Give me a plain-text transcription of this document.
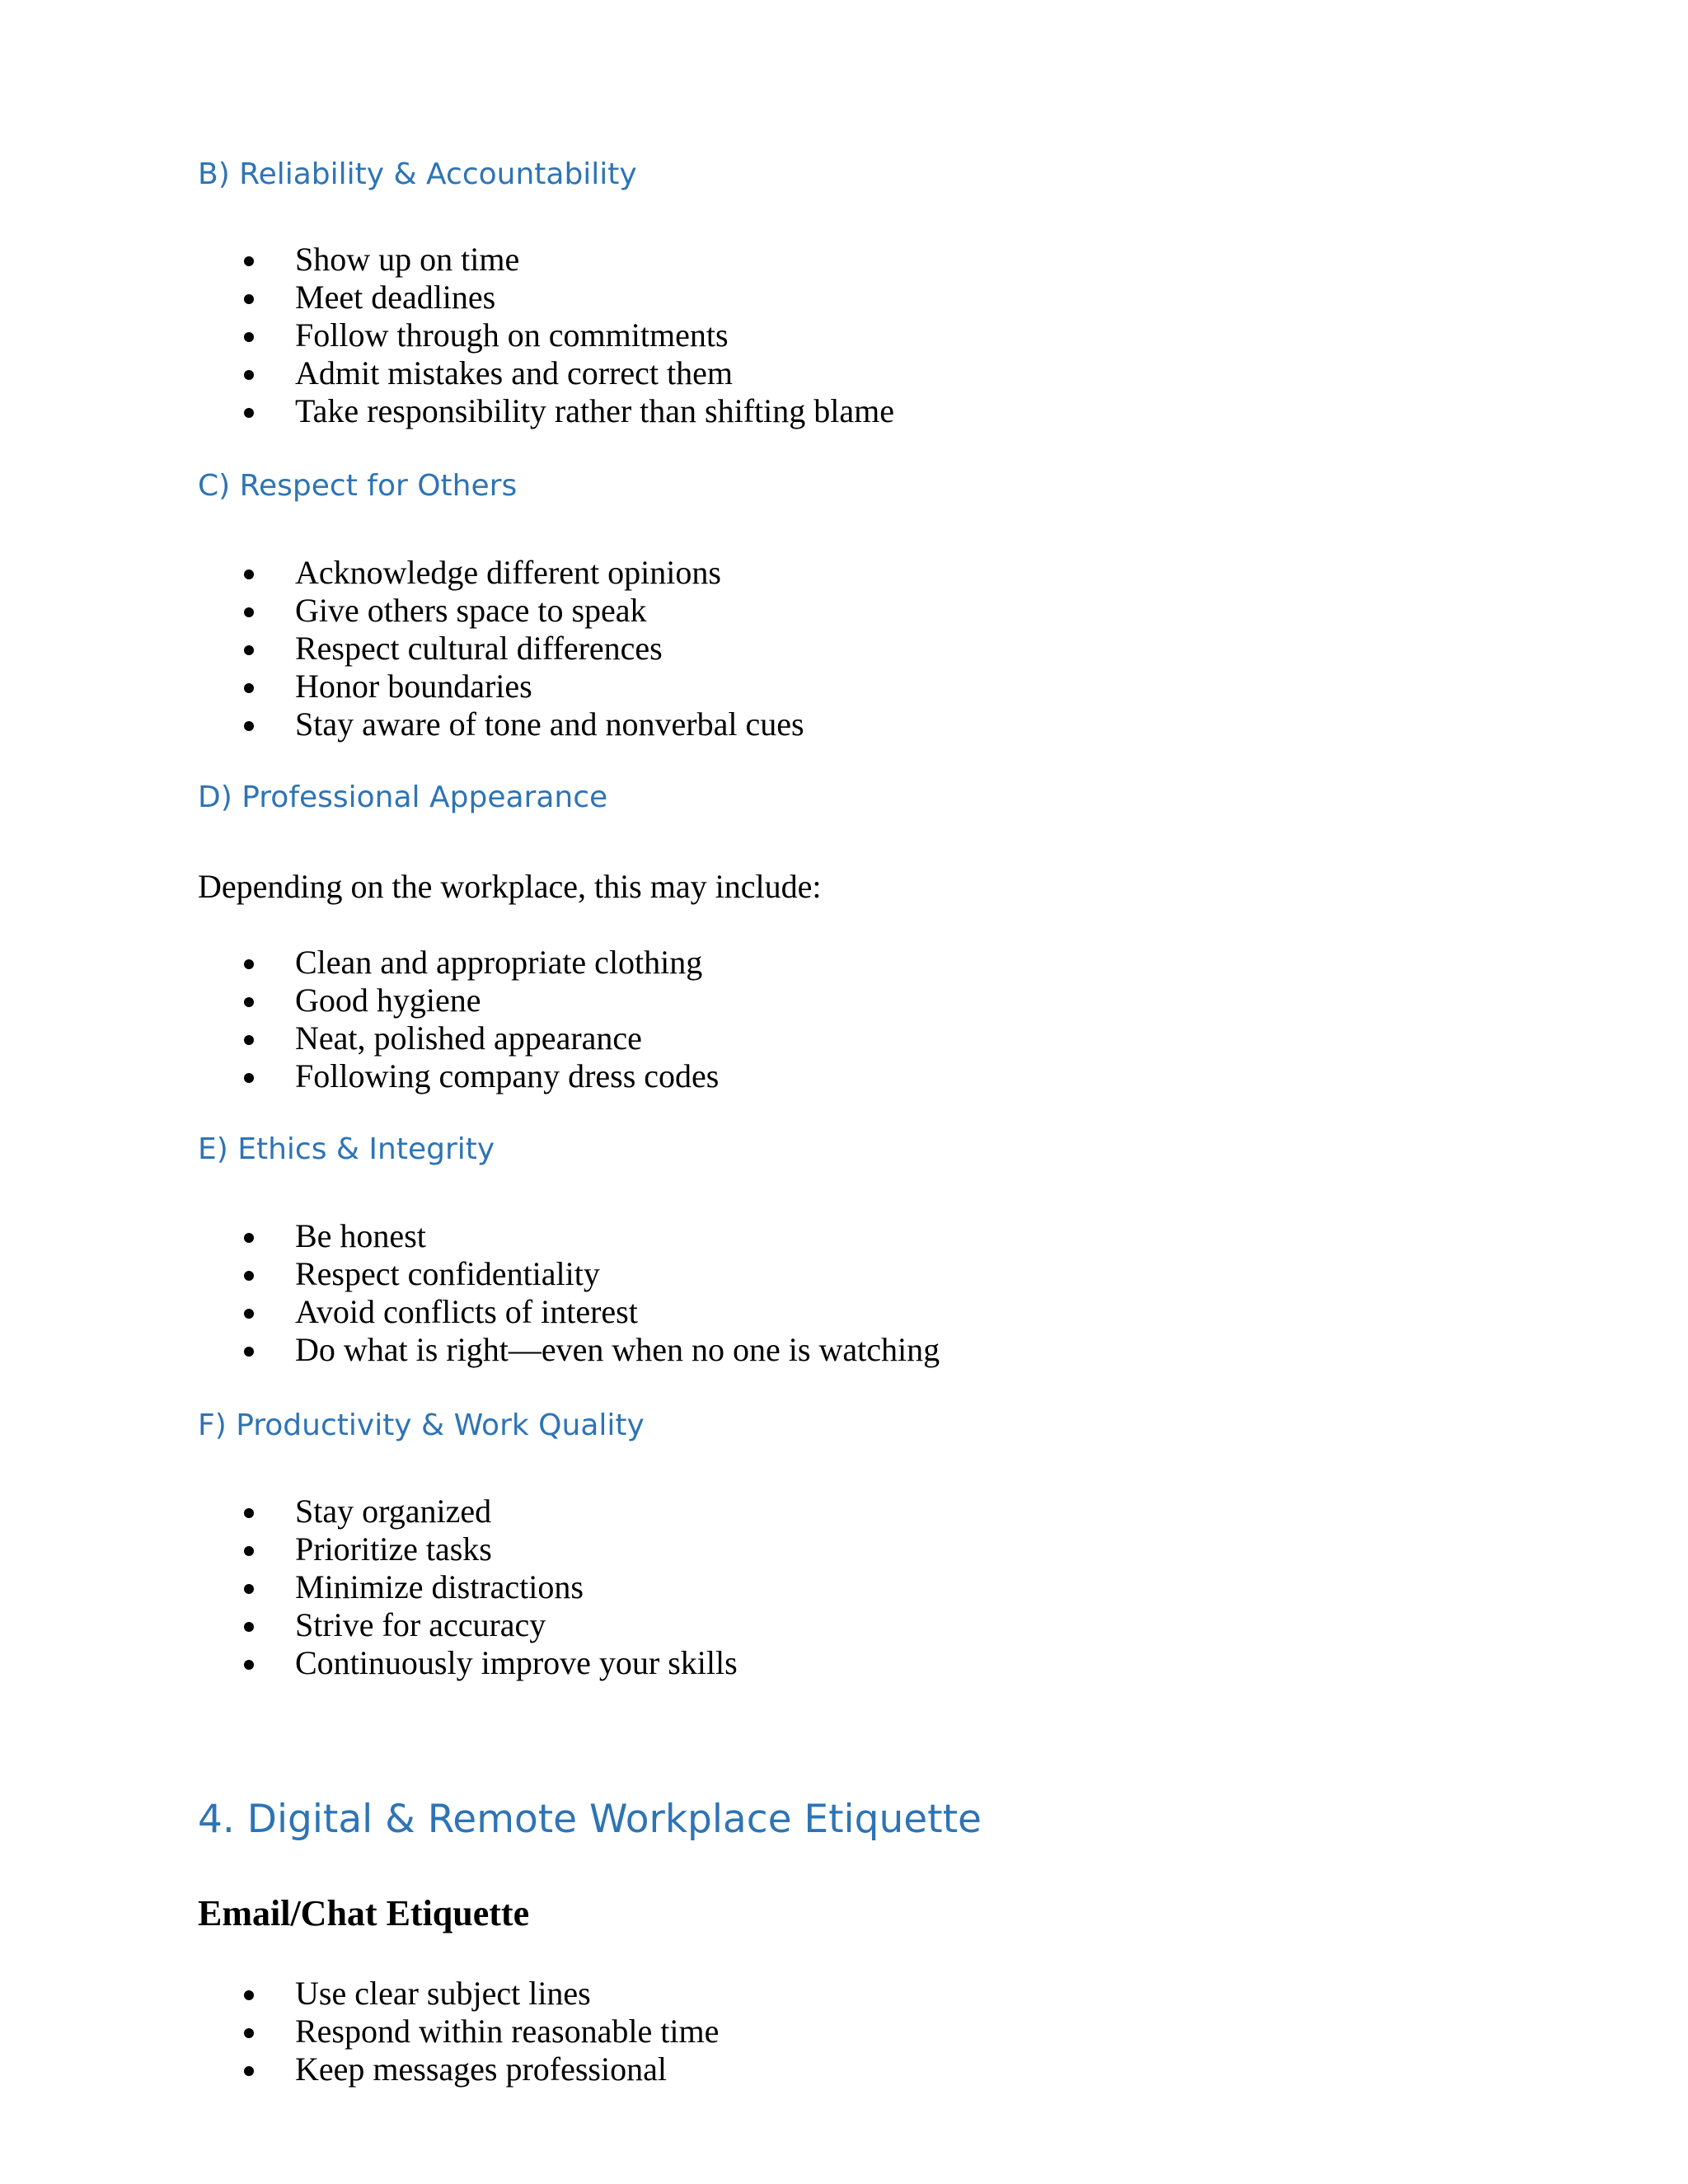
B) Reliability & Accountability
Show up on time
Meet deadlines
Follow through on commitments
Admit mistakes and correct them
Take responsibility rather than shifting blame
C) Respect for Others
Acknowledge different opinions
Give others space to speak
Respect cultural differences
Honor boundaries
Stay aware of tone and nonverbal cues
D) Professional Appearance

Depending on the workplace, this may include:

Clean and appropriate clothing
Good hygiene
Neat, polished appearance
Following company dress codes
E) Ethics & Integrity
Be honest
Respect confidentiality
Avoid conflicts of interest
Do what is right—even when no one is watching
F) Productivity & Work Quality
Stay organized
Prioritize tasks
Minimize distractions
Strive for accuracy
Continuously improve your skills
4. Digital & Remote Workplace Etiquette
Email/Chat Etiquette
Use clear subject lines
Respond within reasonable time
Keep messages professional
